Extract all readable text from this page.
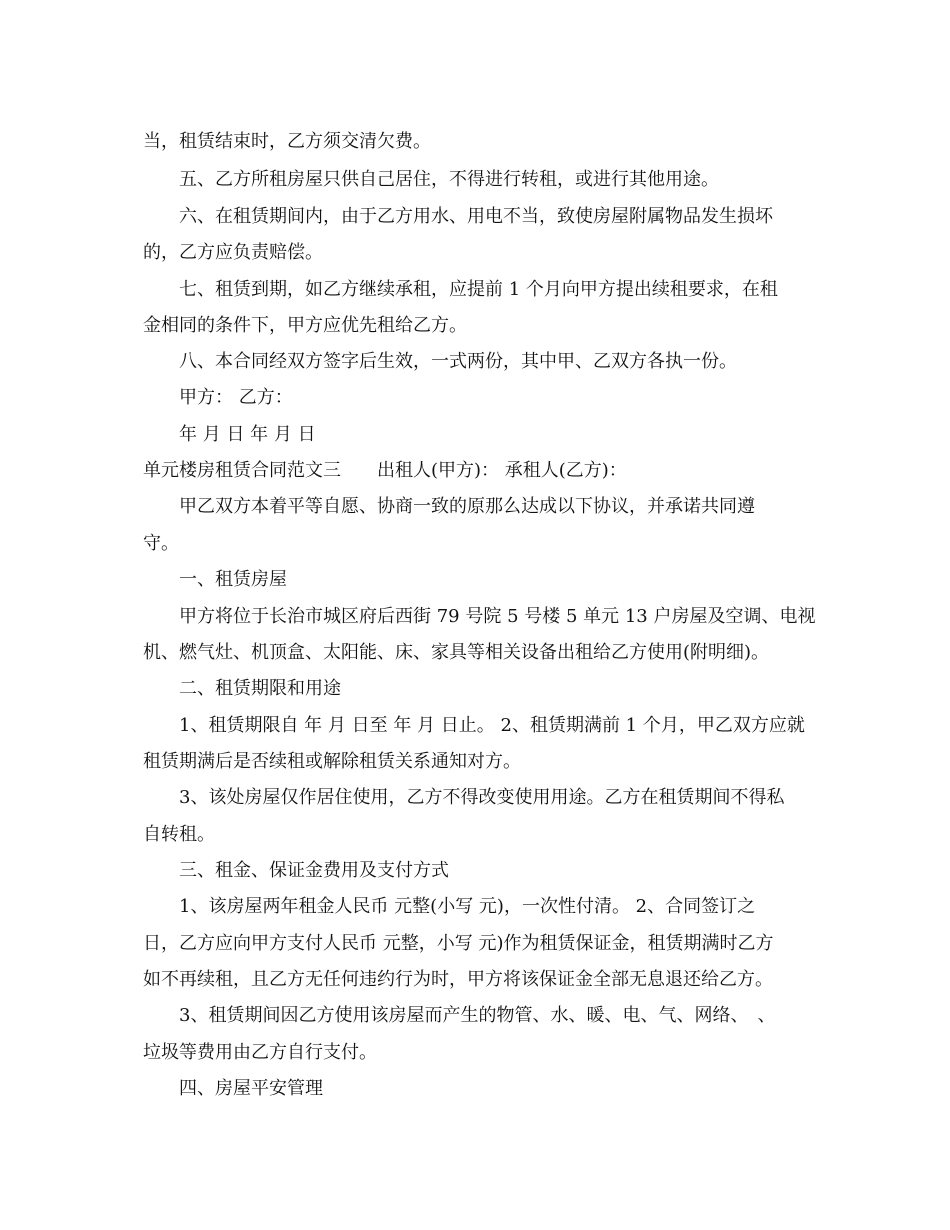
当，租赁结束时，乙方须交清欠费。
五、乙方所租房屋只供自己居住，不得进行转租，或进行其他用途。
六、在租赁期间内，由于乙方用水、用电不当，致使房屋附属物品发生损坏
的，乙方应负责赔偿。
七、租赁到期，如乙方继续承租，应提前 1 个月向甲方提出续租要求，在租
金相同的条件下，甲方应优先租给乙方。
八、本合同经双方签字后生效，一式两份，其中甲、乙双方各执一份。
甲方： 乙方：
年 月 日 年 月 日
单元楼房租赁合同范文三　　出租人(甲方)： 承租人(乙方)：
甲乙双方本着平等自愿、协商一致的原那么达成以下协议，并承诺共同遵
守。
一、租赁房屋
甲方将位于长治市城区府后西街 79 号院 5 号楼 5 单元 13 户房屋及空调、电视
机、燃气灶、机顶盒、太阳能、床、家具等相关设备出租给乙方使用(附明细)。
二、租赁期限和用途
1、租赁期限自 年 月 日至 年 月 日止。 2、租赁期满前 1 个月，甲乙双方应就
租赁期满后是否续租或解除租赁关系通知对方。
3、该处房屋仅作居住使用，乙方不得改变使用用途。乙方在租赁期间不得私
自转租。
三、租金、保证金费用及支付方式
1、该房屋两年租金人民币 元整(小写 元)，一次性付清。 2、合同签订之
日，乙方应向甲方支付人民币 元整，小写 元)作为租赁保证金，租赁期满时乙方
如不再续租，且乙方无任何违约行为时，甲方将该保证金全部无息退还给乙方。
3、租赁期间因乙方使用该房屋而产生的物管、水、暖、电、气、网络、　、
垃圾等费用由乙方自行支付。
四、房屋平安管理
